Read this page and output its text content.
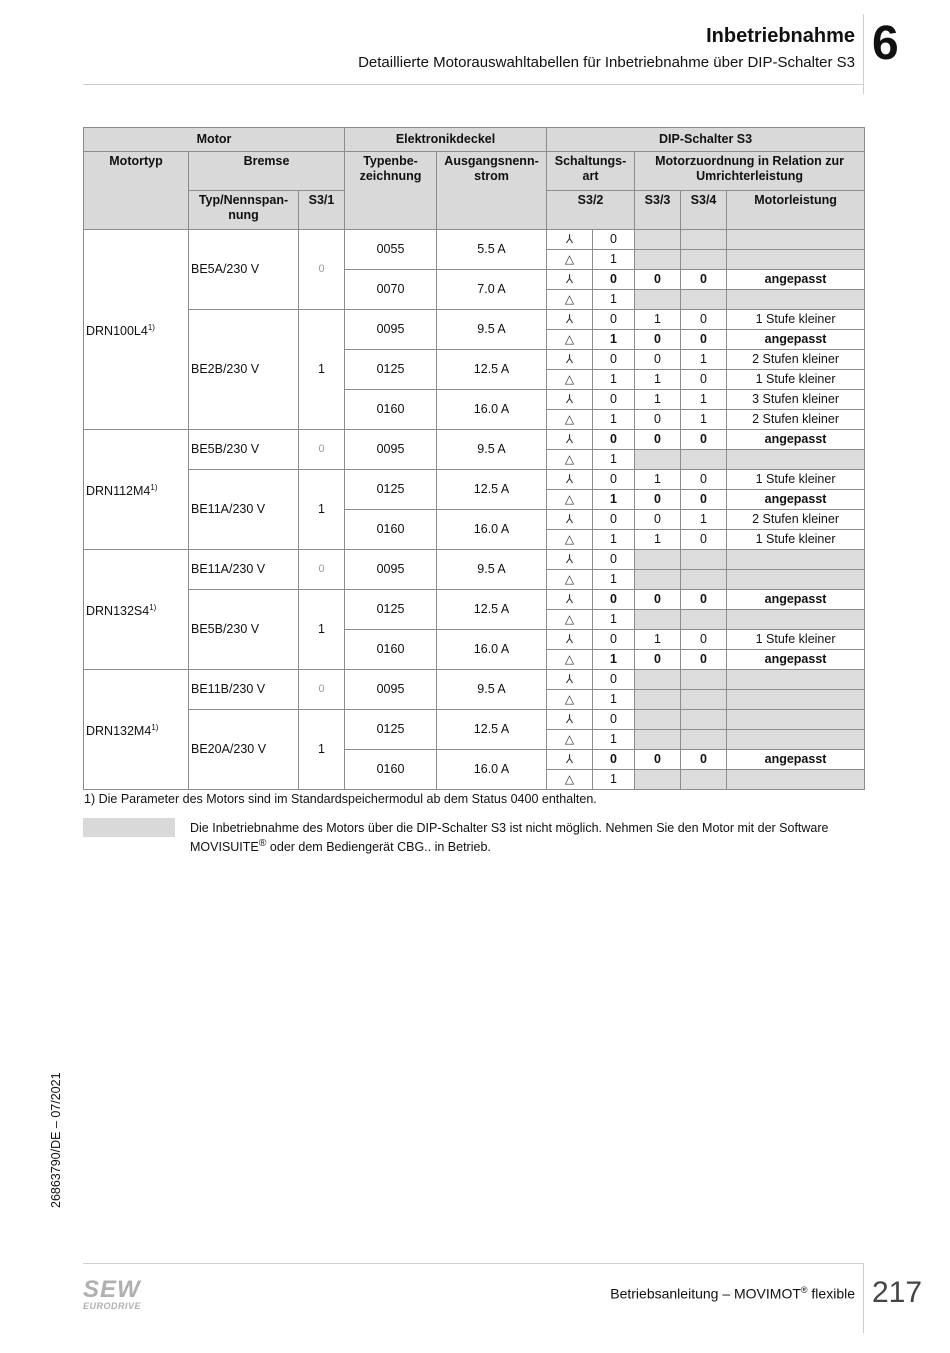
Inbetriebnahme
Detaillierte Motorauswahltabellen für Inbetriebnahme über DIP-Schalter S3 6
Motor			Elektronikdeckel		DIP-Schalter S3				
Motortyp	Bremse		Typenbe-zeichnung	Ausgangsnenn-strom	Schaltungs-art		Motorzuordnung in Relation zur Umrichterleistung		
	Typ/Nennspan-nung	S3/1			S3/2		S3/3	S3/4	Motorleistung
DRN100L4$^{1)}$	BE5A/230 V	0	0055	5.5 A	⅄	0			
					△	1			
			0070	7.0 A	⅄	0	0	0	angepasst
					△	1			
	BE2B/230 V	1	0095	9.5 A	⅄	0	1	0	1 Stufe kleiner
					△	1	0	0	angepasst
			0125	12.5 A	⅄	0	0	1	2 Stufen kleiner
					△	1	1	0	1 Stufe kleiner
			0160	16.0 A	⅄	0	1	1	3 Stufen kleiner
					△	1	0	1	2 Stufen kleiner
DRN112M4$^{1)}$	BE5B/230 V	0	0095	9.5 A	⅄	0	0	0	angepasst
					△	1			
	BE11A/230 V	1	0125	12.5 A	⅄	0	1	0	1 Stufe kleiner
					△	1	0	0	angepasst
			0160	16.0 A	⅄	0	0	1	2 Stufen kleiner
					△	1	1	0	1 Stufe kleiner
DRN132S4$^{1)}$	BE11A/230 V	0	0095	9.5 A	⅄	0			
					△	1			
	BE5B/230 V	1	0125	12.5 A	⅄	0	0	0	angepasst
					△	1			
			0160	16.0 A	⅄	0	1	0	1 Stufe kleiner
					△	1	0	0	angepasst
DRN132M4$^{1)}$	BE11B/230 V	0	0095	9.5 A	⅄	0			
					△	1			
	BE20A/230 V	1	0125	12.5 A	⅄	0			
					△	1			
			0160	16.0 A	⅄	0	0	0	angepasst
					△	1			
1) Die Parameter des Motors sind im Standardspeichermodul ab dem Status 0400 enthalten.
Die Inbetriebnahme des Motors über die DIP-Schalter S3 ist nicht möglich. Nehmen Sie den Motor mit der Software MOVISUITE® oder dem Bediengerät CBG.. in Betrieb.
26863790/DE – 07/2021
SEW
EURODRIVE
Betriebsanleitung – MOVIMOT® flexible 217
